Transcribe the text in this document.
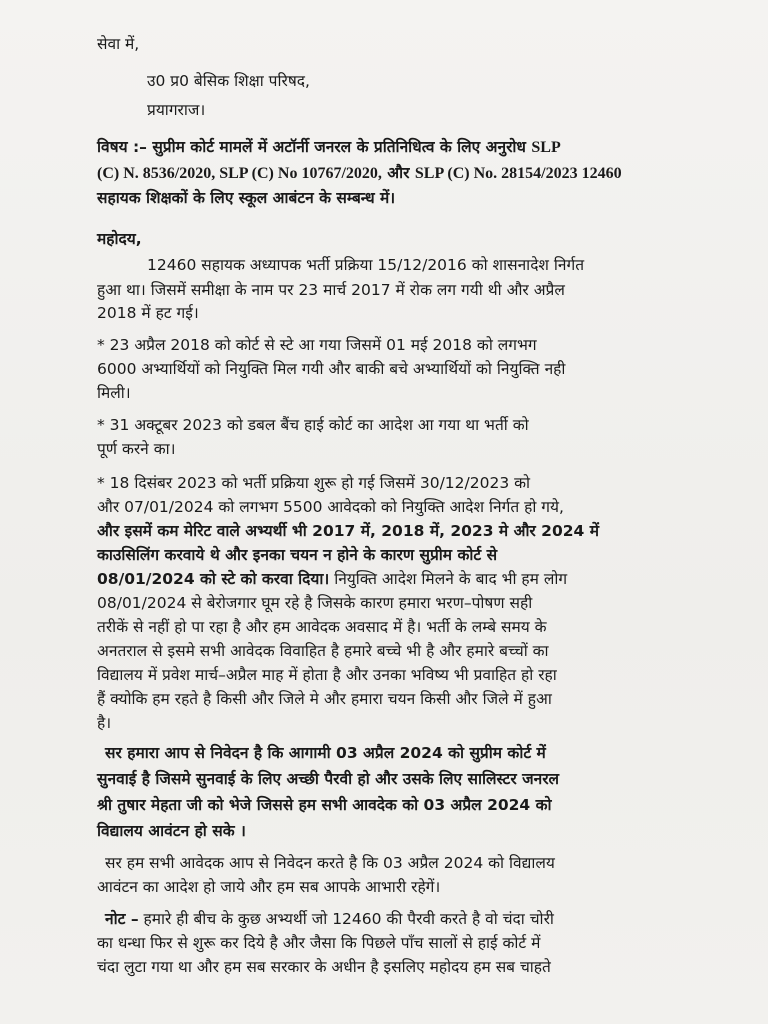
सेवा में,
उ0 प्र0 बेसिक शिक्षा परिषद,
प्रयागराज।
विषय :– सुप्रीम कोर्ट मामलें में अटॉर्नी जनरल के प्रतिनिधित्व के लिए अनुरोध SLP
(C) N. 8536/2020, SLP (C) No 10767/2020, और SLP (C) No. 28154/2023 12460
सहायक शिक्षकों के लिए स्कूल आबंटन के सम्बन्ध में।
महोदय,
12460 सहायक अध्यापक भर्ती प्रक्रिया 15/12/2016 को शासनादेश निर्गत
हुआ था। जिसमें समीक्षा के नाम पर 23 मार्च 2017 में रोक लग गयी थी और अप्रैल
2018 में हट गई।
* 23 अप्रैल 2018 को कोर्ट से स्टे आ गया जिसमें 01 मई 2018 को लगभग
6000 अभ्यार्थियों को नियुक्ति मिल गयी और बाकी बचे अभ्यार्थियों को नियुक्ति नही
मिली।
* 31 अक्टूबर 2023 को डबल बैंच हाई कोर्ट का आदेश आ गया था भर्ती को
पूर्ण करने का।
* 18 दिसंबर 2023 को भर्ती प्रक्रिया शुरू हो गई जिसमें 30/12/2023 को
और 07/01/2024 को लगभग 5500 आवेदको को नियुक्ति आदेश निर्गत हो गये,
और इसमें कम मेरिट वाले अभ्यर्थी भी 2017 में, 2018 में, 2023 मे और 2024 में
काउसिलिंग करवाये थे और इनका चयन न होने के कारण सुप्रीम कोर्ट से
08/01/2024 को स्टे को करवा दिया। नियुक्ति आदेश मिलने के बाद भी हम लोग
08/01/2024 से बेरोजगार घूम रहे है जिसके कारण हमारा भरण–पोषण सही
तरीकें से नहीं हो पा रहा है और हम आवेदक अवसाद में है। भर्ती के लम्बे समय के
अनतराल से इसमे सभी आवेदक विवाहित है हमारे बच्चे भी है और हमारे बच्चों का
विद्यालय में प्रवेश मार्च–अप्रैल माह में होता है और उनका भविष्य भी प्रवाहित हो रहा
हैं क्योकि हम रहते है किसी और जिले मे और हमारा चयन किसी और जिले में हुआ
है।
सर हमारा आप से निवेदन है कि आगामी 03 अप्रैल 2024 को सुप्रीम कोर्ट में
सुनवाई है जिसमे सुनवाई के लिए अच्छी पैरवी हो और उसके लिए सालिस्टर जनरल
श्री तुषार मेहता जी को भेजे जिससे हम सभी आवदेक को 03 अप्रैल 2024 को
विद्यालय आवंटन हो सके ।
सर हम सभी आवेदक आप से निवेदन करते है कि 03 अप्रैल 2024 को विद्यालय
आवंटन का आदेश हो जाये और हम सब आपके आभारी रहेगें।
नोट – हमारे ही बीच के कुछ अभ्यर्थी जो 12460 की पैरवी करते है वो चंदा चोरी
का धन्धा फिर से शुरू कर दिये है और जैसा कि पिछले पाँच सालों से हाई कोर्ट में
चंदा लुटा गया था और हम सब सरकार के अधीन है इसलिए महोदय हम सब चाहते
